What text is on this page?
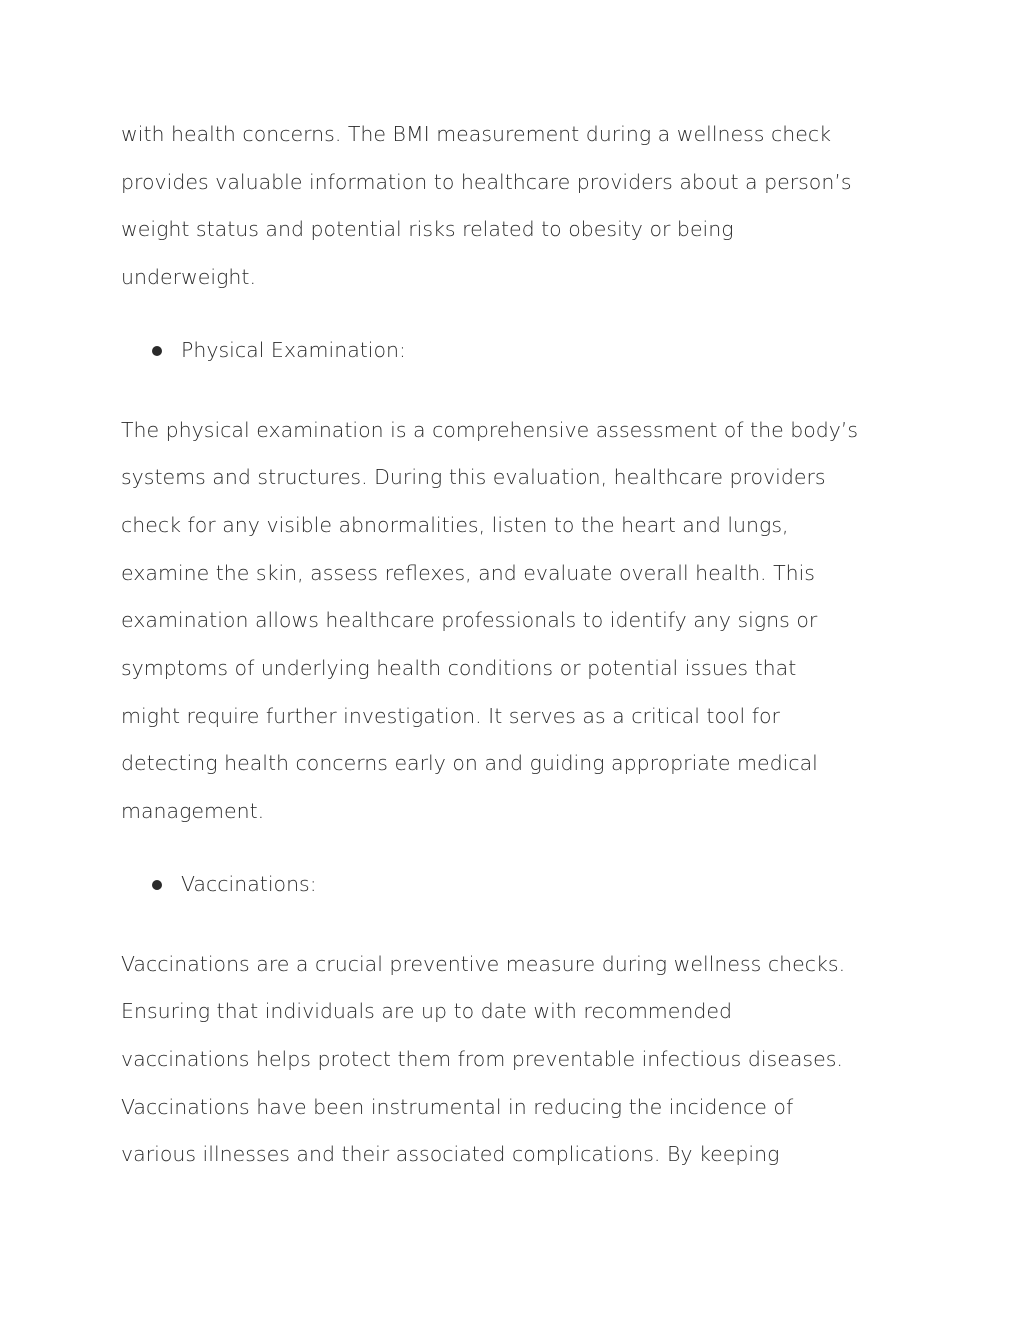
with health concerns. The BMI measurement during a wellness check
provides valuable information to healthcare providers about a person’s
weight status and potential risks related to obesity or being
underweight.
Physical Examination:
The physical examination is a comprehensive assessment of the body’s
systems and structures. During this evaluation, healthcare providers
check for any visible abnormalities, listen to the heart and lungs,
examine the skin, assess reflexes, and evaluate overall health. This
examination allows healthcare professionals to identify any signs or
symptoms of underlying health conditions or potential issues that
might require further investigation. It serves as a critical tool for
detecting health concerns early on and guiding appropriate medical
management.
Vaccinations:
Vaccinations are a crucial preventive measure during wellness checks.
Ensuring that individuals are up to date with recommended
vaccinations helps protect them from preventable infectious diseases.
Vaccinations have been instrumental in reducing the incidence of
various illnesses and their associated complications. By keeping
